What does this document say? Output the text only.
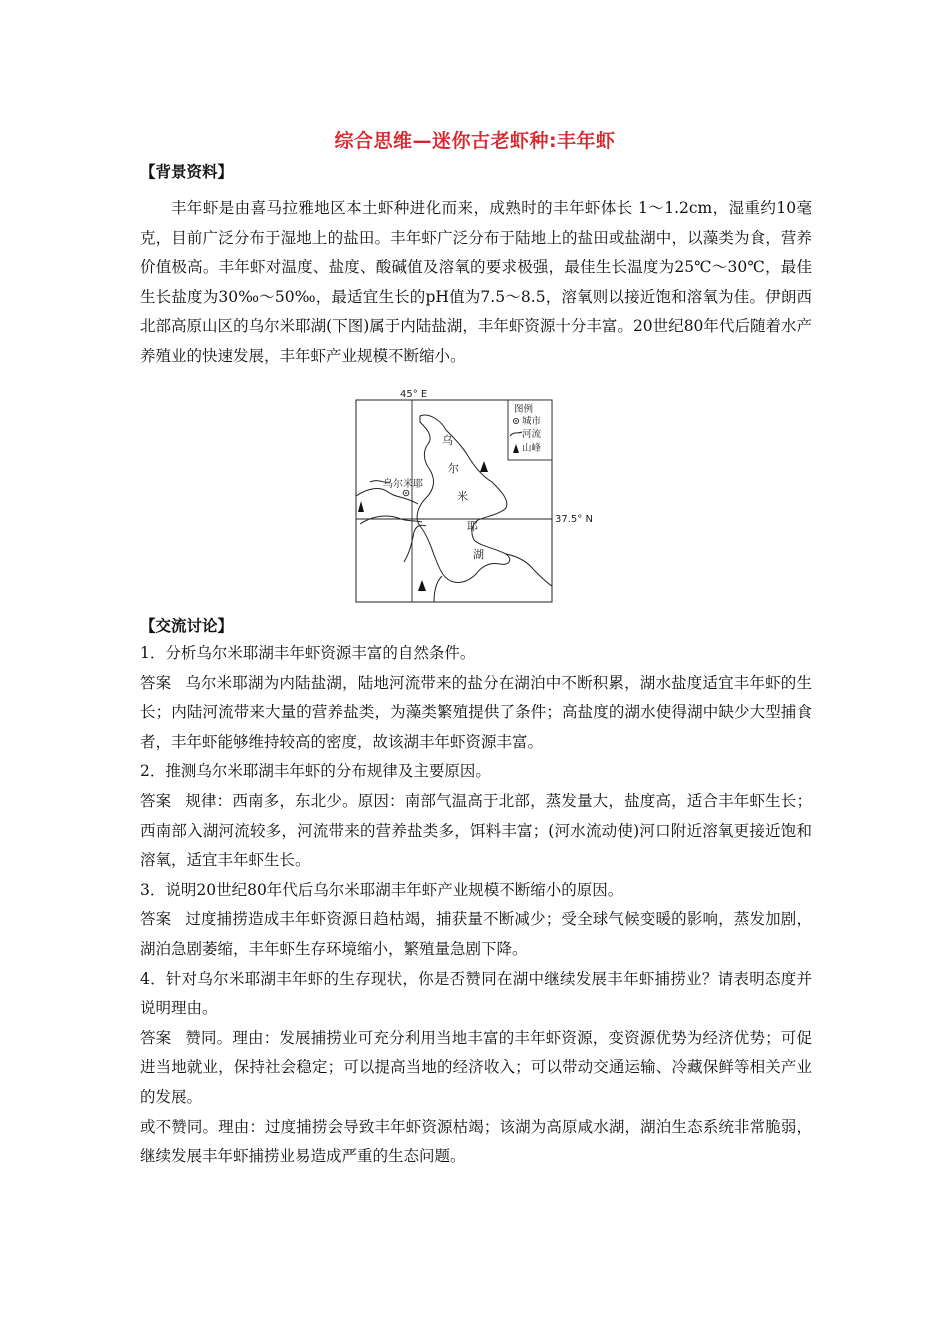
综合思维—迷你古老虾种:丰年虾
【背景资料】
丰年虾是由喜马拉雅地区本土虾种进化而来，成熟时的丰年虾体长 1～1.2cm，湿重约10毫克，目前广泛分布于湿地上的盐田。丰年虾广泛分布于陆地上的盐田或盐湖中，以藻类为食，营养价值极高。丰年虾对温度、盐度、酸碱值及溶氧的要求极强，最佳生长温度为25℃～30℃，最佳生长盐度为30‰～50‰，最适宜生长的pH值为7.5～8.5，溶氧则以接近饱和溶氧为佳。伊朗西北部高原山区的乌尔米耶湖(下图)属于内陆盐湖，丰年虾资源十分丰富。20世纪80年代后随着水产养殖业的快速发展，丰年虾产业规模不断缩小。
45° E
37.5° N
图例
城市
河流
山峰
乌尔米耶
乌
尔
米
耶
湖
【交流讨论】

1．分析乌尔米耶湖丰年虾资源丰富的自然条件。

答案 乌尔米耶湖为内陆盐湖，陆地河流带来的盐分在湖泊中不断积累，湖水盐度适宜丰年虾的生长；内陆河流带来大量的营养盐类，为藻类繁殖提供了条件；高盐度的湖水使得湖中缺少大型捕食者，丰年虾能够维持较高的密度，故该湖丰年虾资源丰富。

2．推测乌尔米耶湖丰年虾的分布规律及主要原因。

答案 规律：西南多，东北少。原因：南部气温高于北部，蒸发量大，盐度高，适合丰年虾生长；西南部入湖河流较多，河流带来的营养盐类多，饵料丰富；(河水流动使)河口附近溶氧更接近饱和溶氧，适宜丰年虾生长。

3．说明20世纪80年代后乌尔米耶湖丰年虾产业规模不断缩小的原因。

答案 过度捕捞造成丰年虾资源日趋枯竭，捕获量不断减少；受全球气候变暖的影响，蒸发加剧，湖泊急剧萎缩，丰年虾生存环境缩小，繁殖量急剧下降。

4．针对乌尔米耶湖丰年虾的生存现状，你是否赞同在湖中继续发展丰年虾捕捞业？请表明态度并说明理由。

答案 赞同。理由：发展捕捞业可充分利用当地丰富的丰年虾资源，变资源优势为经济优势；可促进当地就业，保持社会稳定；可以提高当地的经济收入；可以带动交通运输、冷藏保鲜等相关产业的发展。

或不赞同。理由：过度捕捞会导致丰年虾资源枯竭；该湖为高原咸水湖，湖泊生态系统非常脆弱，继续发展丰年虾捕捞业易造成严重的生态问题。
